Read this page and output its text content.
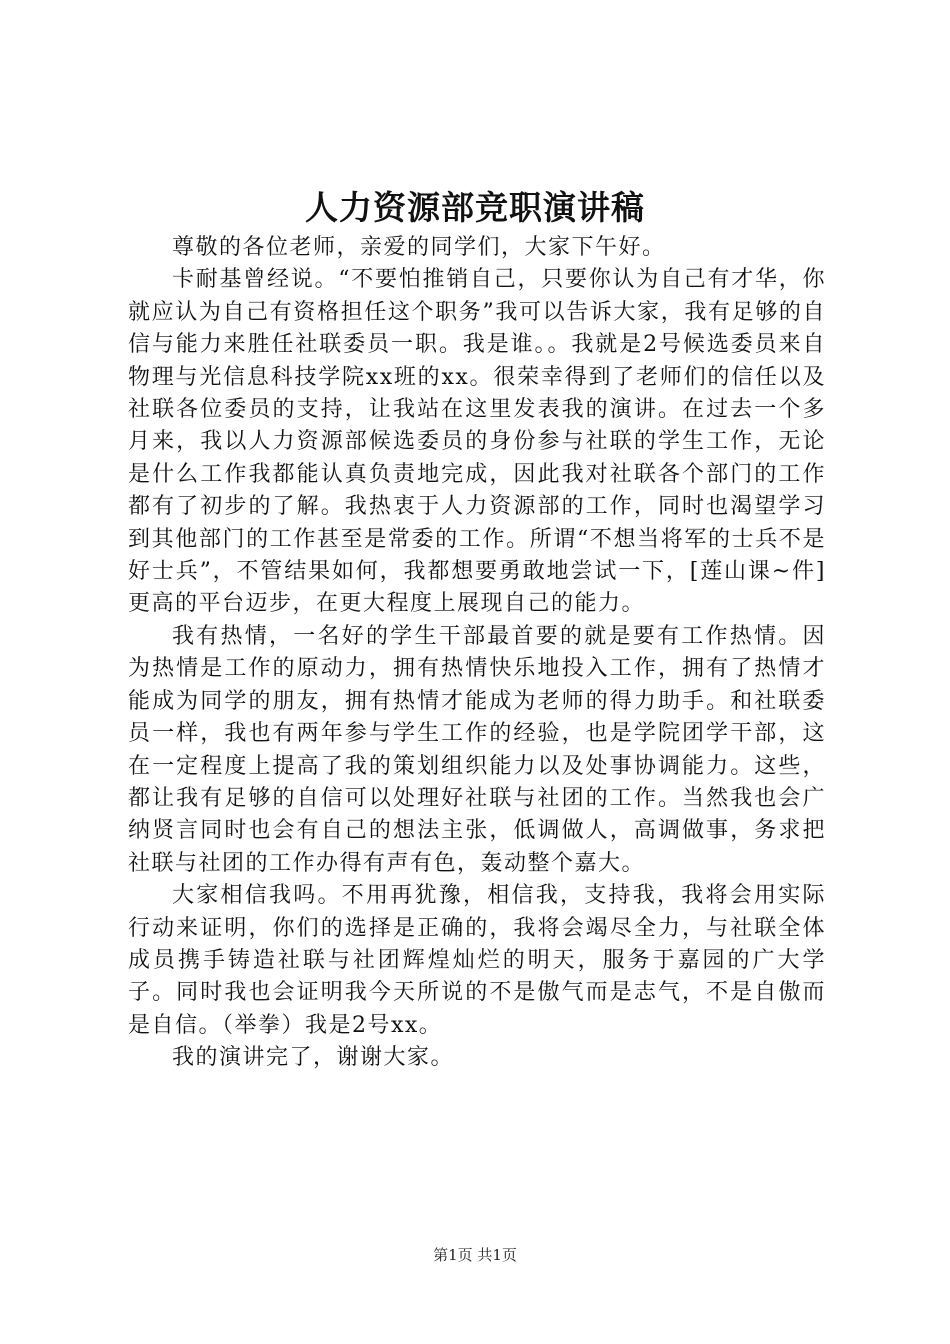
人力资源部竞职演讲稿

尊敬的各位老师，亲爱的同学们，大家下午好。

卡耐基曾经说。“不要怕推销自己，只要你认为自己有才华，你就应认为自己有资格担任这个职务”我可以告诉大家，我有足够的自信与能力来胜任社联委员一职。我是谁。。我就是2号候选委员来自物理与光信息科技学院xx班的xx。很荣幸得到了老师们的信任以及社联各位委员的支持，让我站在这里发表我的演讲。在过去一个多月来，我以人力资源部候选委员的身份参与社联的学生工作，无论是什么工作我都能认真负责地完成，因此我对社联各个部门的工作都有了初步的了解。我热衷于人力资源部的工作，同时也渴望学习到其他部门的工作甚至是常委的工作。所谓“不想当将军的士兵不是好士兵”，不管结果如何，我都想要勇敢地尝试一下，[莲山课~件]更高的平台迈步，在更大程度上展现自己的能力。

我有热情，一名好的学生干部最首要的就是要有工作热情。因为热情是工作的原动力，拥有热情快乐地投入工作，拥有了热情才能成为同学的朋友，拥有热情才能成为老师的得力助手。和社联委员一样，我也有两年参与学生工作的经验，也是学院团学干部，这在一定程度上提高了我的策划组织能力以及处事协调能力。这些，都让我有足够的自信可以处理好社联与社团的工作。当然我也会广纳贤言同时也会有自己的想法主张，低调做人，高调做事，务求把社联与社团的工作办得有声有色，轰动整个嘉大。

大家相信我吗。不用再犹豫，相信我，支持我，我将会用实际行动来证明，你们的选择是正确的，我将会竭尽全力，与社联全体成员携手铸造社联与社团辉煌灿烂的明天，服务于嘉园的广大学子。同时我也会证明我今天所说的不是傲气而是志气，不是自傲而是自信。（举拳）我是2号xx。

我的演讲完了，谢谢大家。

第1页 共1页
